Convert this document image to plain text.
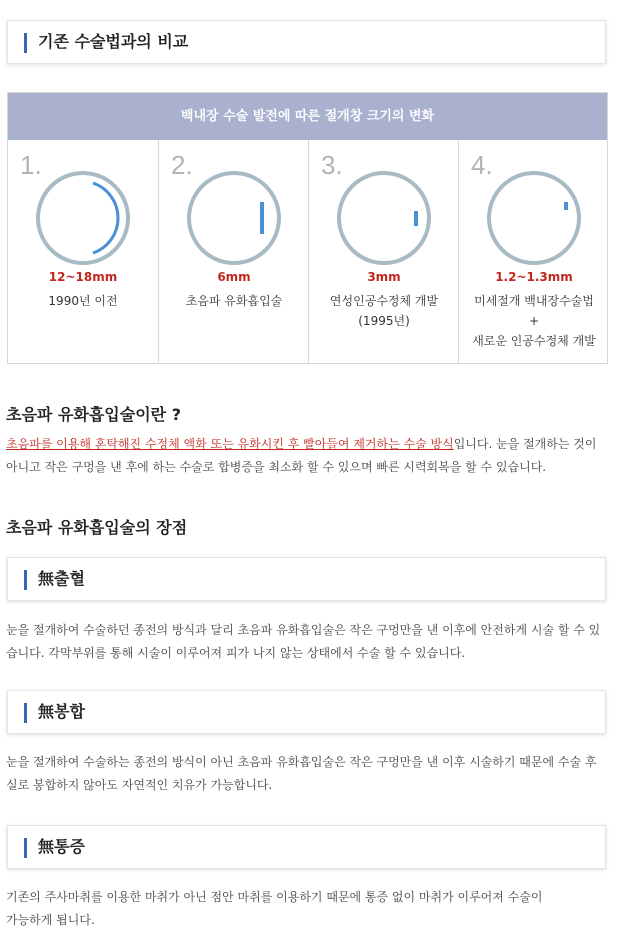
기존 수술법과의 비교
백내장 수술 발전에 따른 절개창 크기의 변화
1.
12~18mm
1990년 이전
2.
6mm
초음파 유화흡입술
3.
3mm
연성인공수정체 개발
(1995년)
4.
1.2~1.3mm
미세절개 백내장수술법
+
새로운 인공수정체 개발
초음파 유화흡입술이란 ?

초음파를 이용해 혼탁해진 수정체 액화 또는 유화시킨 후 빨아들여 제거하는 수술 방식입니다. 눈을 절개하는 것이 아니고 작은 구멍을 낸 후에 하는 수술로 합병증을 최소화 할 수 있으며 빠른 시력회복을 할 수 있습니다.

초음파 유화흡입술의 장점
無출혈

눈을 절개하여 수술하던 종전의 방식과 달리 초음파 유화흡입술은 작은 구멍만을 낸 이후에 안전하게 시술 할 수 있습니다. 각막부위를 통해 시술이 이루어져 피가 나지 않는 상태에서 수술 할 수 있습니다.

無봉합

눈을 절개하여 수술하는 종전의 방식이 아닌 초음파 유화흡입술은 작은 구멍만을 낸 이후 시술하기 때문에 수술 후 실로 봉합하지 않아도 자연적인 치유가 가능합니다.

無통증

기존의 주사마취를 이용한 마취가 아닌 점안 마취를 이용하기 때문에 통증 없이 마취가 이루어져 수술이
가능하게 됩니다.
